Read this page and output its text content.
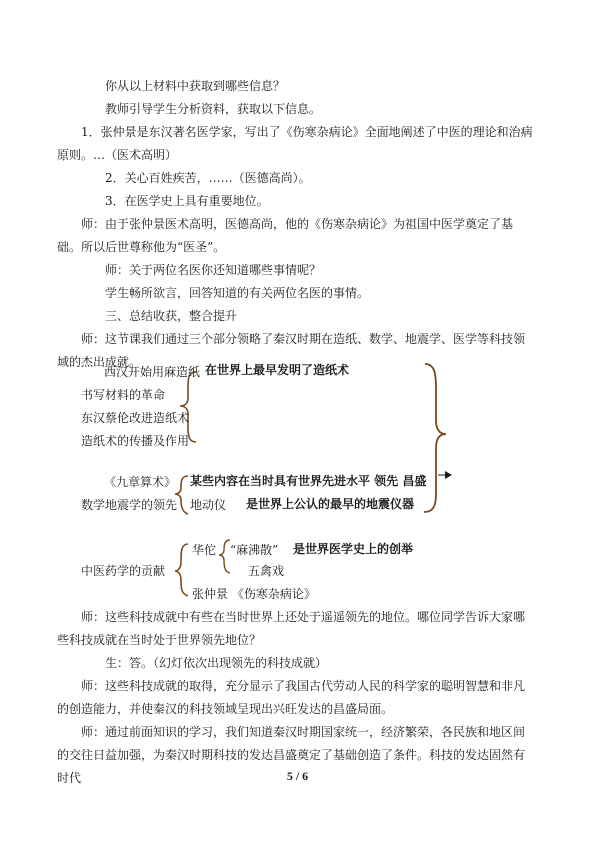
你从以上材料中获取到哪些信息？

教师引导学生分析资料，获取以下信息。

1．张仲景是东汉著名医学家，写出了《伤寒杂病论》全面地阐述了中医的理论和治病原则。…（医术高明）

2．关心百姓疾苦，……（医德高尚）。

3．在医学史上具有重要地位。

师：由于张仲景医术高明，医德高尚，他的《伤寒杂病论》为祖国中医学奠定了基础。所以后世尊称他为“医圣”。

师：关于两位名医你还知道哪些事情呢？

学生畅所欲言，回答知道的有关两位名医的事情。

三、总结收获，整合提升

师：这节课我们通过三个部分领略了秦汉时期在造纸、数学、地震学、医学等科技领域的杰出成就。

西汉开始用麻造纸 在世界上最早发明了造纸术
书写材料的革命
东汉蔡伦改进造纸术
造纸术的传播及作用
《九章算术》 某些内容在当时具有世界先进水平 领先 昌盛
数学地震学的领先 地动仪 是世界上公认的最早的地震仪器
华佗 “麻沸散” 是世界医学史上的创举
五禽戏
中医药学的贡献
张仲景 《伤寒杂病论》

师：这些科技成就中有些在当时世界上还处于遥遥领先的地位。哪位同学告诉大家哪些科技成就在当时处于世界领先地位？

生：答。（幻灯依次出现领先的科技成就）

师：这些科技成就的取得，充分显示了我国古代劳动人民的科学家的聪明智慧和非凡的创造能力，并使秦汉的科技领域呈现出兴旺发达的昌盛局面。

师：通过前面知识的学习，我们知道秦汉时期国家统一，经济繁荣，各民族和地区间的交往日益加强，为秦汉时期科技的发达昌盛奠定了基础创造了条件。科技的发达固然有时代	5 / 6
